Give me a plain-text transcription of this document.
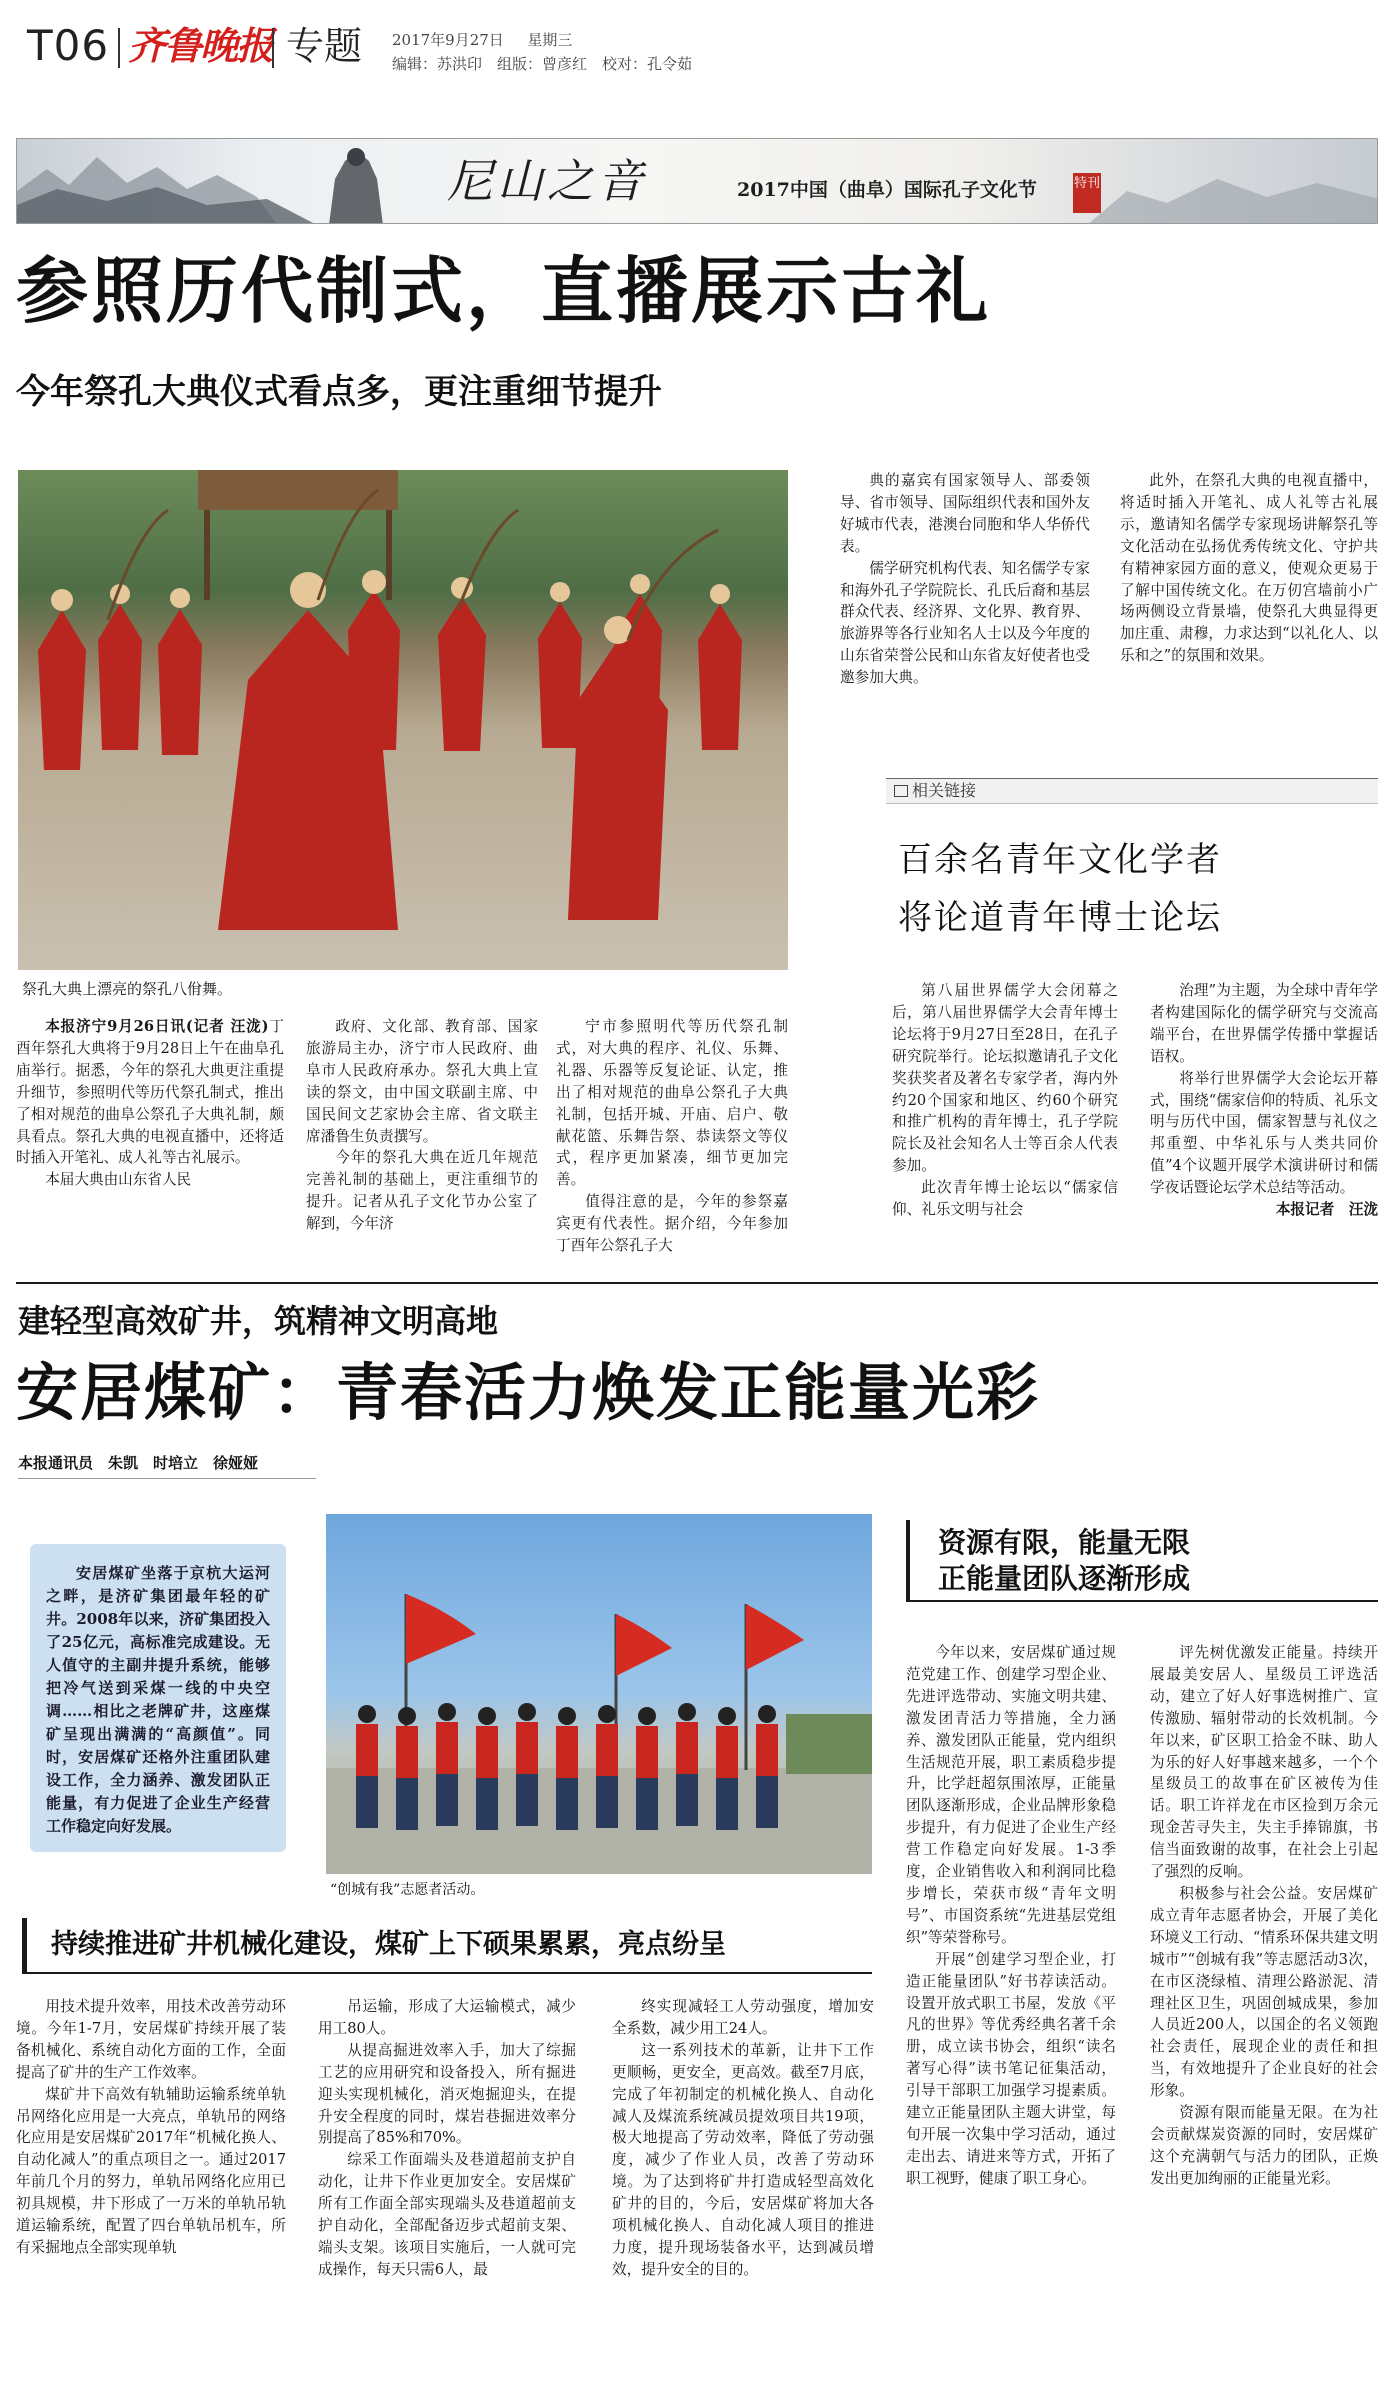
T06 齐鲁晚报 专题 2017年9月27日 星期三
编辑：苏洪印　组版：曾彦红　校对：孔令茹
尼山之音	2017中国（曲阜）国际孔子文化节	特刊
参照历代制式，直播展示古礼
今年祭孔大典仪式看点多，更注重细节提升
祭孔大典上漂亮的祭孔八佾舞。

本报济宁9月26日讯(记者 汪泷)丁酉年祭孔大典将于9月28日上午在曲阜孔庙举行。据悉，今年的祭孔大典更注重提升细节，参照明代等历代祭孔制式，推出了相对规范的曲阜公祭孔子大典礼制，颇具看点。祭孔大典的电视直播中，还将适时插入开笔礼、成人礼等古礼展示。

本届大典由山东省人民

政府、文化部、教育部、国家旅游局主办，济宁市人民政府、曲阜市人民政府承办。祭孔大典上宣读的祭文，由中国文联副主席、中国民间文艺家协会主席、省文联主席潘鲁生负责撰写。

今年的祭孔大典在近几年规范完善礼制的基础上，更注重细节的提升。记者从孔子文化节办公室了解到，今年济

宁市参照明代等历代祭孔制式，对大典的程序、礼仪、乐舞、礼器、乐器等反复论证、认定，推出了相对规范的曲阜公祭孔子大典礼制，包括开城、开庙、启户、敬献花篮、乐舞告祭、恭读祭文等仪式，程序更加紧凑，细节更加完善。

值得注意的是，今年的参祭嘉宾更有代表性。据介绍，今年参加丁酉年公祭孔子大

典的嘉宾有国家领导人、部委领导、省市领导、国际组织代表和国外友好城市代表，港澳台同胞和华人华侨代表。

儒学研究机构代表、知名儒学专家和海外孔子学院院长、孔氏后裔和基层群众代表、经济界、文化界、教育界、旅游界等各行业知名人士以及今年度的山东省荣誉公民和山东省友好使者也受邀参加大典。

此外，在祭孔大典的电视直播中，将适时插入开笔礼、成人礼等古礼展示，邀请知名儒学专家现场讲解祭孔等文化活动在弘扬优秀传统文化、守护共有精神家园方面的意义，使观众更易于了解中国传统文化。在万仞宫墙前小广场两侧设立背景墙，使祭孔大典显得更加庄重、肃穆，力求达到“以礼化人、以乐和之”的氛围和效果。

相关链接
百余名青年文化学者
将论道青年博士论坛

第八届世界儒学大会闭幕之后，第八届世界儒学大会青年博士论坛将于9月27日至28日，在孔子研究院举行。论坛拟邀请孔子文化奖获奖者及著名专家学者，海内外约20个国家和地区、约60个研究和推广机构的青年博士，孔子学院院长及社会知名人士等百余人代表参加。

此次青年博士论坛以“儒家信仰、礼乐文明与社会

治理”为主题，为全球中青年学者构建国际化的儒学研究与交流高端平台，在世界儒学传播中掌握话语权。

将举行世界儒学大会论坛开幕式，围绕“儒家信仰的特质、礼乐文明与历代中国，儒家智慧与礼仪之邦重塑、中华礼乐与人类共同价值”4个议题开展学术演讲研讨和儒学夜话暨论坛学术总结等活动。

本报记者　汪泷

建轻型高效矿井，筑精神文明高地
安居煤矿：青春活力焕发正能量光彩
本报通讯员　朱凯　时培立　徐娅娅
安居煤矿坐落于京杭大运河之畔，是济矿集团最年轻的矿井。2008年以来，济矿集团投入了25亿元，高标准完成建设。无人值守的主副井提升系统，能够把冷气送到采煤一线的中央空调……相比之老牌矿井，这座煤矿呈现出满满的“高颜值”。同时，安居煤矿还格外注重团队建设工作，全力涵养、激发团队正能量，有力促进了企业生产经营工作稳定向好发展。
“创城有我”志愿者活动。
资源有限，能量无限
正能量团队逐渐形成
持续推进矿井机械化建设，煤矿上下硕果累累，亮点纷呈

用技术提升效率，用技术改善劳动环境。今年1-7月，安居煤矿持续开展了装备机械化、系统自动化方面的工作，全面提高了矿井的生产工作效率。

煤矿井下高效有轨辅助运输系统单轨吊网络化应用是一大亮点，单轨吊的网络化应用是安居煤矿2017年“机械化换人、自动化减人”的重点项目之一。通过2017年前几个月的努力，单轨吊网络化应用已初具规模，井下形成了一万米的单轨吊轨道运输系统，配置了四台单轨吊机车，所有采掘地点全部实现单轨

吊运输，形成了大运输模式，减少用工80人。

从提高掘进效率入手，加大了综掘工艺的应用研究和设备投入，所有掘进迎头实现机械化，消灭炮掘迎头，在提升安全程度的同时，煤岩巷掘进效率分别提高了85%和70%。

综采工作面端头及巷道超前支护自动化，让井下作业更加安全。安居煤矿所有工作面全部实现端头及巷道超前支护自动化，全部配备迈步式超前支架、端头支架。该项目实施后，一人就可完成操作，每天只需6人，最

终实现减轻工人劳动强度，增加安全系数，减少用工24人。

这一系列技术的革新，让井下工作更顺畅，更安全，更高效。截至7月底，完成了年初制定的机械化换人、自动化减人及煤流系统减员提效项目共19项，极大地提高了劳动效率，降低了劳动强度，减少了作业人员，改善了劳动环境。为了达到将矿井打造成轻型高效化矿井的目的，今后，安居煤矿将加大各项机械化换人、自动化减人项目的推进力度，提升现场装备水平，达到减员增效，提升安全的目的。

今年以来，安居煤矿通过规范党建工作、创建学习型企业、先进评选带动、实施文明共建、激发团青活力等措施，全力涵养、激发团队正能量，党内组织生活规范开展，职工素质稳步提升，比学赶超氛围浓厚，正能量团队逐渐形成，企业品牌形象稳步提升，有力促进了企业生产经营工作稳定向好发展。1-3季度，企业销售收入和利润同比稳步增长，荣获市级“青年文明号”、市国资系统“先进基层党组织”等荣誉称号。

开展“创建学习型企业，打造正能量团队”好书荐读活动。设置开放式职工书屋，发放《平凡的世界》等优秀经典名著千余册，成立读书协会，组织“读名著写心得”读书笔记征集活动，引导干部职工加强学习提素质。建立正能量团队主题大讲堂，每旬开展一次集中学习活动，通过走出去、请进来等方式，开拓了职工视野，健康了职工身心。

评先树优激发正能量。持续开展最美安居人、星级员工评选活动，建立了好人好事选树推广、宣传激励、辐射带动的长效机制。今年以来，矿区职工拾金不昧、助人为乐的好人好事越来越多，一个个星级员工的故事在矿区被传为佳话。职工许祥龙在市区捡到万余元现金苦寻失主，失主手捧锦旗，书信当面致谢的故事，在社会上引起了强烈的反响。

积极参与社会公益。安居煤矿成立青年志愿者协会，开展了美化环境义工行动、“情系环保共建文明城市”“创城有我”等志愿活动3次，在市区浇绿植、清理公路淤泥、清理社区卫生，巩固创城成果，参加人员近200人，以国企的名义领跑社会责任，展现企业的责任和担当，有效地提升了企业良好的社会形象。

资源有限而能量无限。在为社会贡献煤炭资源的同时，安居煤矿这个充满朝气与活力的团队，正焕发出更加绚丽的正能量光彩。
